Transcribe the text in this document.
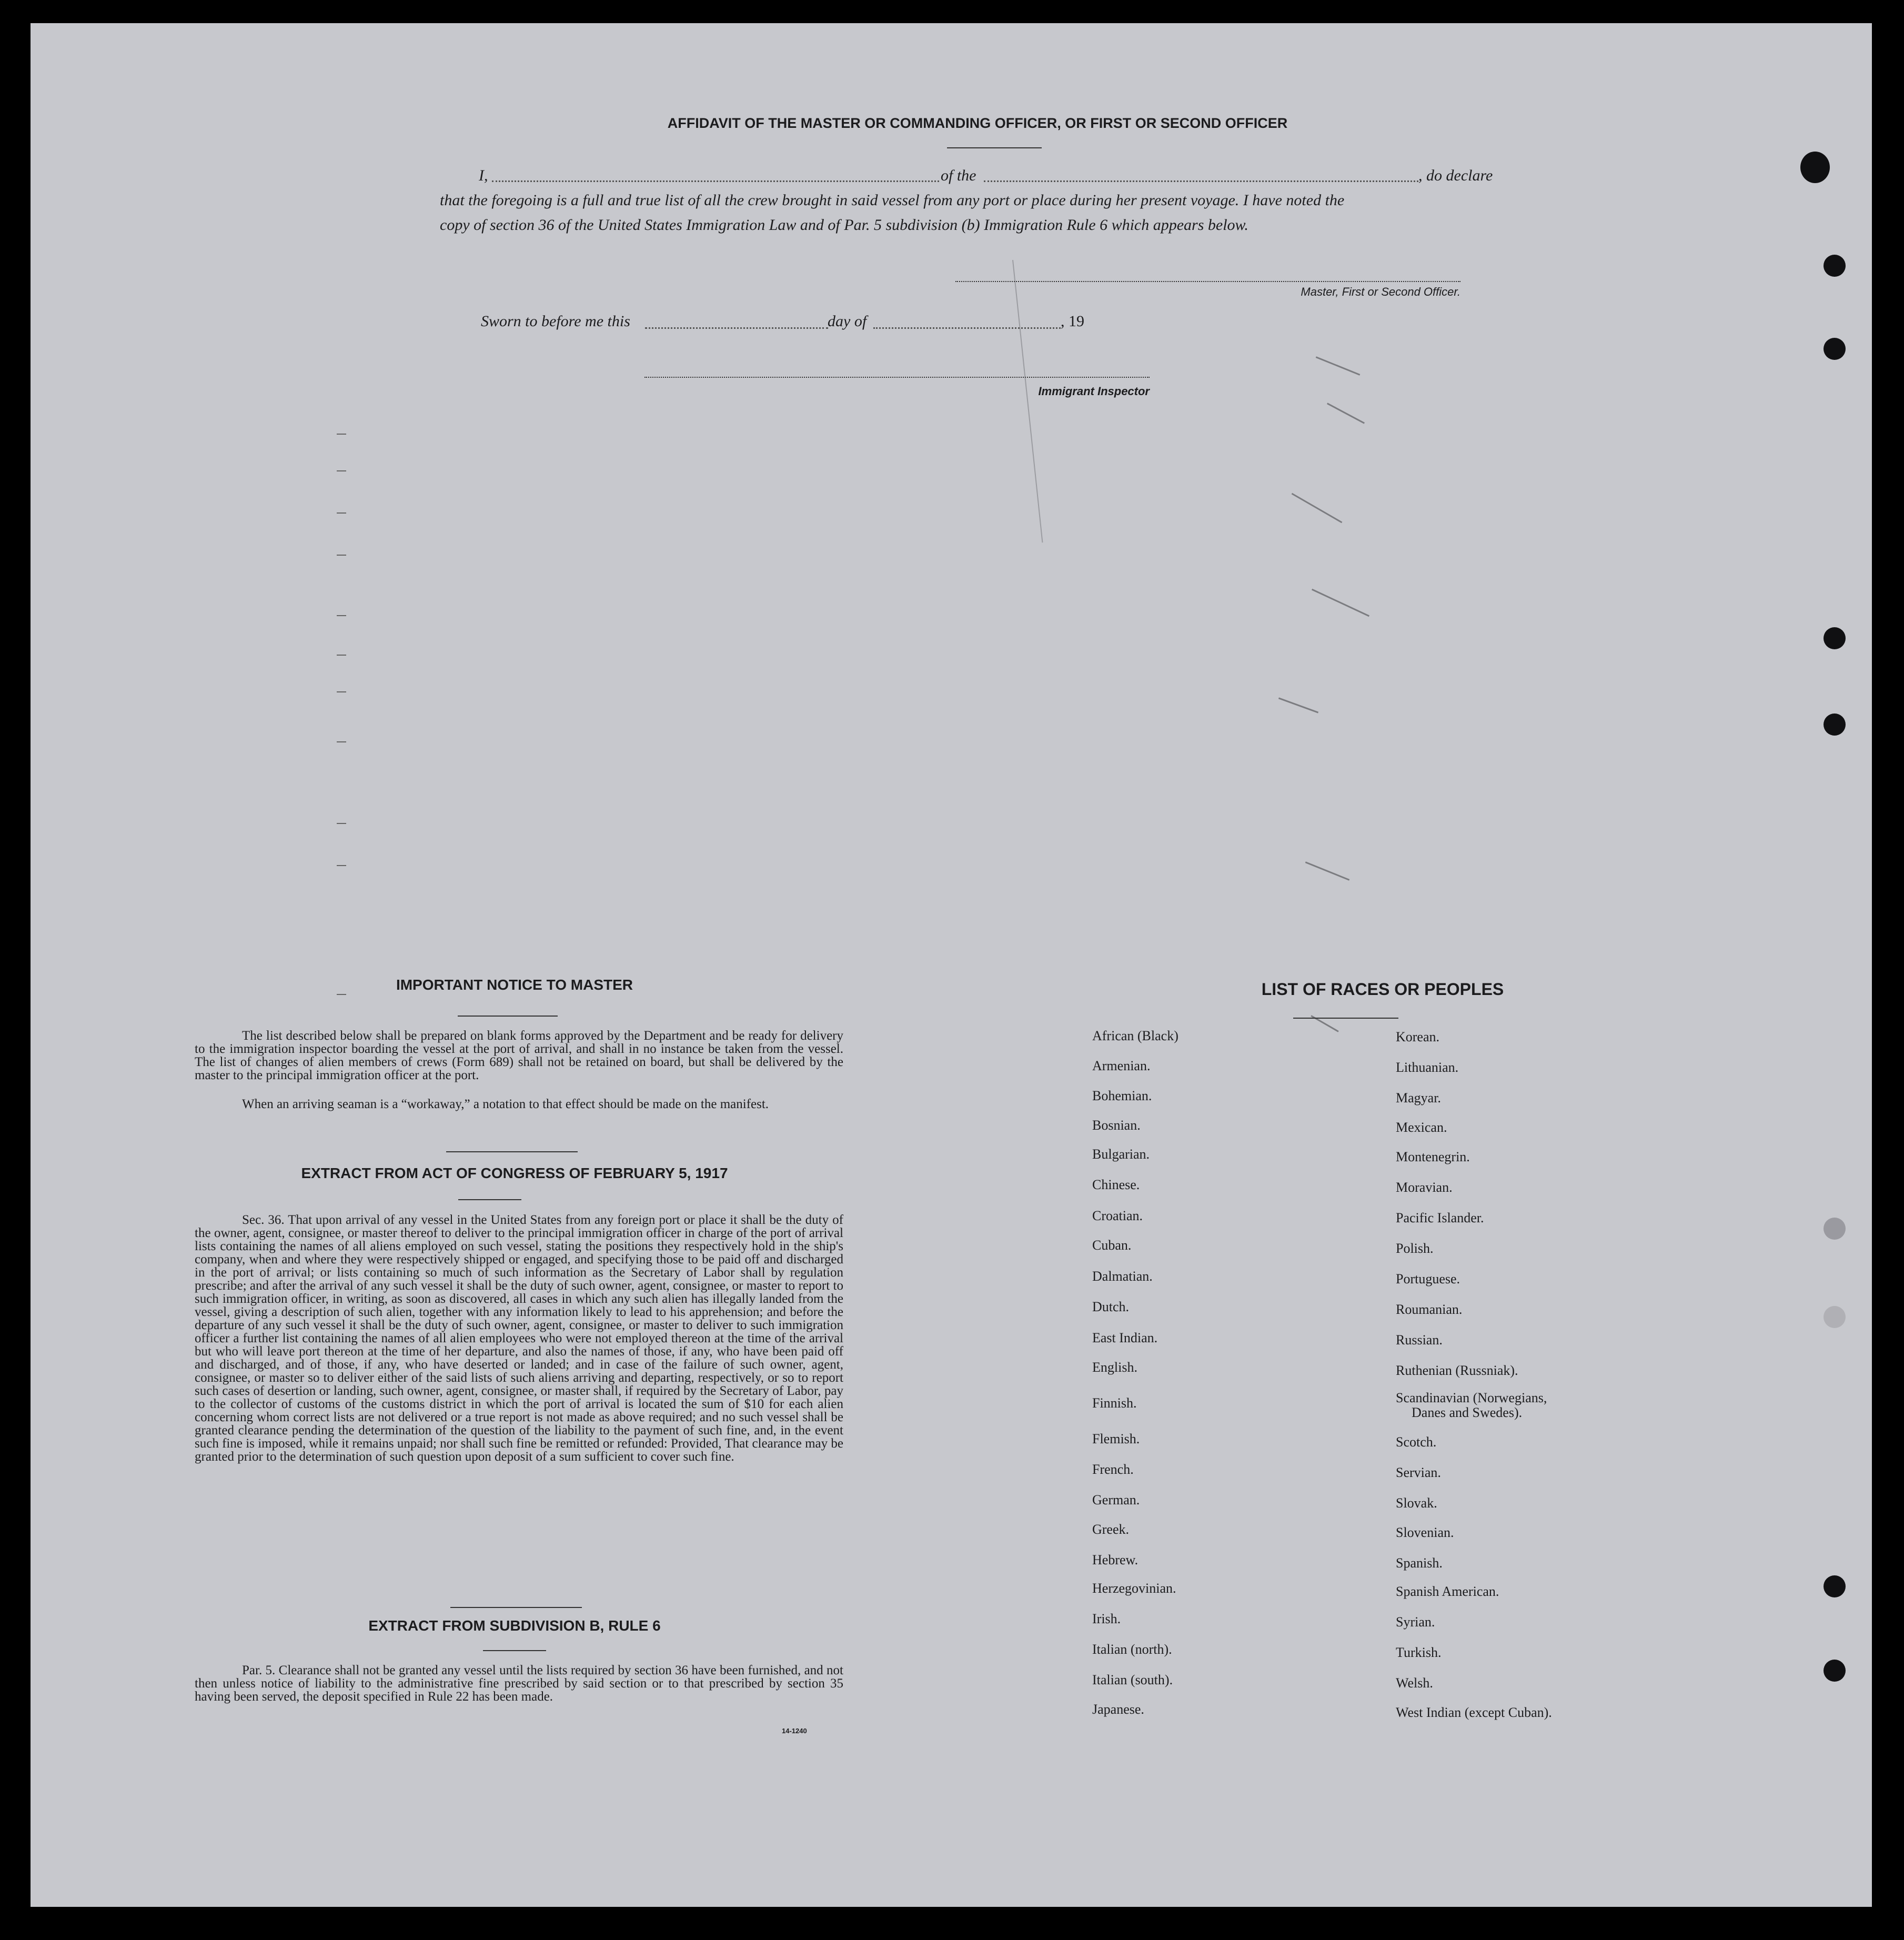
AFFIDAVIT OF THE MASTER OR COMMANDING OFFICER, OR FIRST OR SECOND OFFICER
I,	of the	, do declare
that the foregoing is a full and true list of all the crew brought in said vessel from any port or place during her present voyage. I have noted the
copy of section 36 of the United States Immigration Law and of Par. 5 subdivision (b) Immigration Rule 6 which appears below.
Master, First or Second Officer.
Sworn to before me this	day of	, 19
Immigrant Inspector
IMPORTANT NOTICE TO MASTER
The list described below shall be prepared on blank forms approved by the Department and be ready for delivery to the immigration inspector boarding the vessel at the port of arrival, and shall in no instance be taken from the vessel. The list of changes of alien members of crews (Form 689) shall not be retained on board, but shall be delivered by the master to the principal immigration officer at the port.
When an arriving seaman is a “workaway,” a notation to that effect should be made on the manifest.
EXTRACT FROM ACT OF CONGRESS OF FEBRUARY 5, 1917
Sec. 36. That upon arrival of any vessel in the United States from any foreign port or place it shall be the duty of the owner, agent, consignee, or master thereof to deliver to the principal immigration officer in charge of the port of arrival lists containing the names of all aliens employed on such vessel, stating the positions they respectively hold in the ship's company, when and where they were respectively shipped or engaged, and specifying those to be paid off and discharged in the port of arrival; or lists containing so much of such information as the Secretary of Labor shall by regulation prescribe; and after the arrival of any such vessel it shall be the duty of such owner, agent, consignee, or master to report to such immigration officer, in writing, as soon as discovered, all cases in which any such alien has illegally landed from the vessel, giving a description of such alien, together with any information likely to lead to his apprehension; and before the departure of any such vessel it shall be the duty of such owner, agent, consignee, or master to deliver to such immigration officer a further list containing the names of all alien employees who were not employed thereon at the time of the arrival but who will leave port thereon at the time of her departure, and also the names of those, if any, who have been paid off and discharged, and of those, if any, who have deserted or landed; and in case of the failure of such owner, agent, consignee, or master so to deliver either of the said lists of such aliens arriving and departing, respectively, or so to report such cases of desertion or landing, such owner, agent, consignee, or master shall, if required by the Secretary of Labor, pay to the collector of customs of the customs district in which the port of arrival is located the sum of $10 for each alien concerning whom correct lists are not delivered or a true report is not made as above required; and no such vessel shall be granted clearance pending the determination of the question of the liability to the payment of such fine, and, in the event such fine is imposed, while it remains unpaid; nor shall such fine be remitted or refunded: Provided, That clearance may be granted prior to the determination of such question upon deposit of a sum sufficient to cover such fine.
EXTRACT FROM SUBDIVISION B, RULE 6
Par. 5. Clearance shall not be granted any vessel until the lists required by section 36 have been furnished, and not then unless notice of liability to the administrative fine prescribed by said section or to that prescribed by section 35 having been served, the deposit specified in Rule 22 has been made.
14-1240
LIST OF RACES OR PEOPLES
African (Black)
Armenian.
Bohemian.
Bosnian.
Bulgarian.
Chinese.
Croatian.
Cuban.
Dalmatian.
Dutch.
East Indian.
English.
Finnish.
Flemish.
French.
German.
Greek.
Hebrew.
Herzegovinian.
Irish.
Italian (north).
Italian (south).
Japanese.
Korean.
Lithuanian.
Magyar.
Mexican.
Montenegrin.
Moravian.
Pacific Islander.
Polish.
Portuguese.
Roumanian.
Russian.
Ruthenian (Russniak).
Scandinavian (Norwegians,
Danes and Swedes).
Scotch.
Servian.
Slovak.
Slovenian.
Spanish.
Spanish American.
Syrian.
Turkish.
Welsh.
West Indian (except Cuban).
